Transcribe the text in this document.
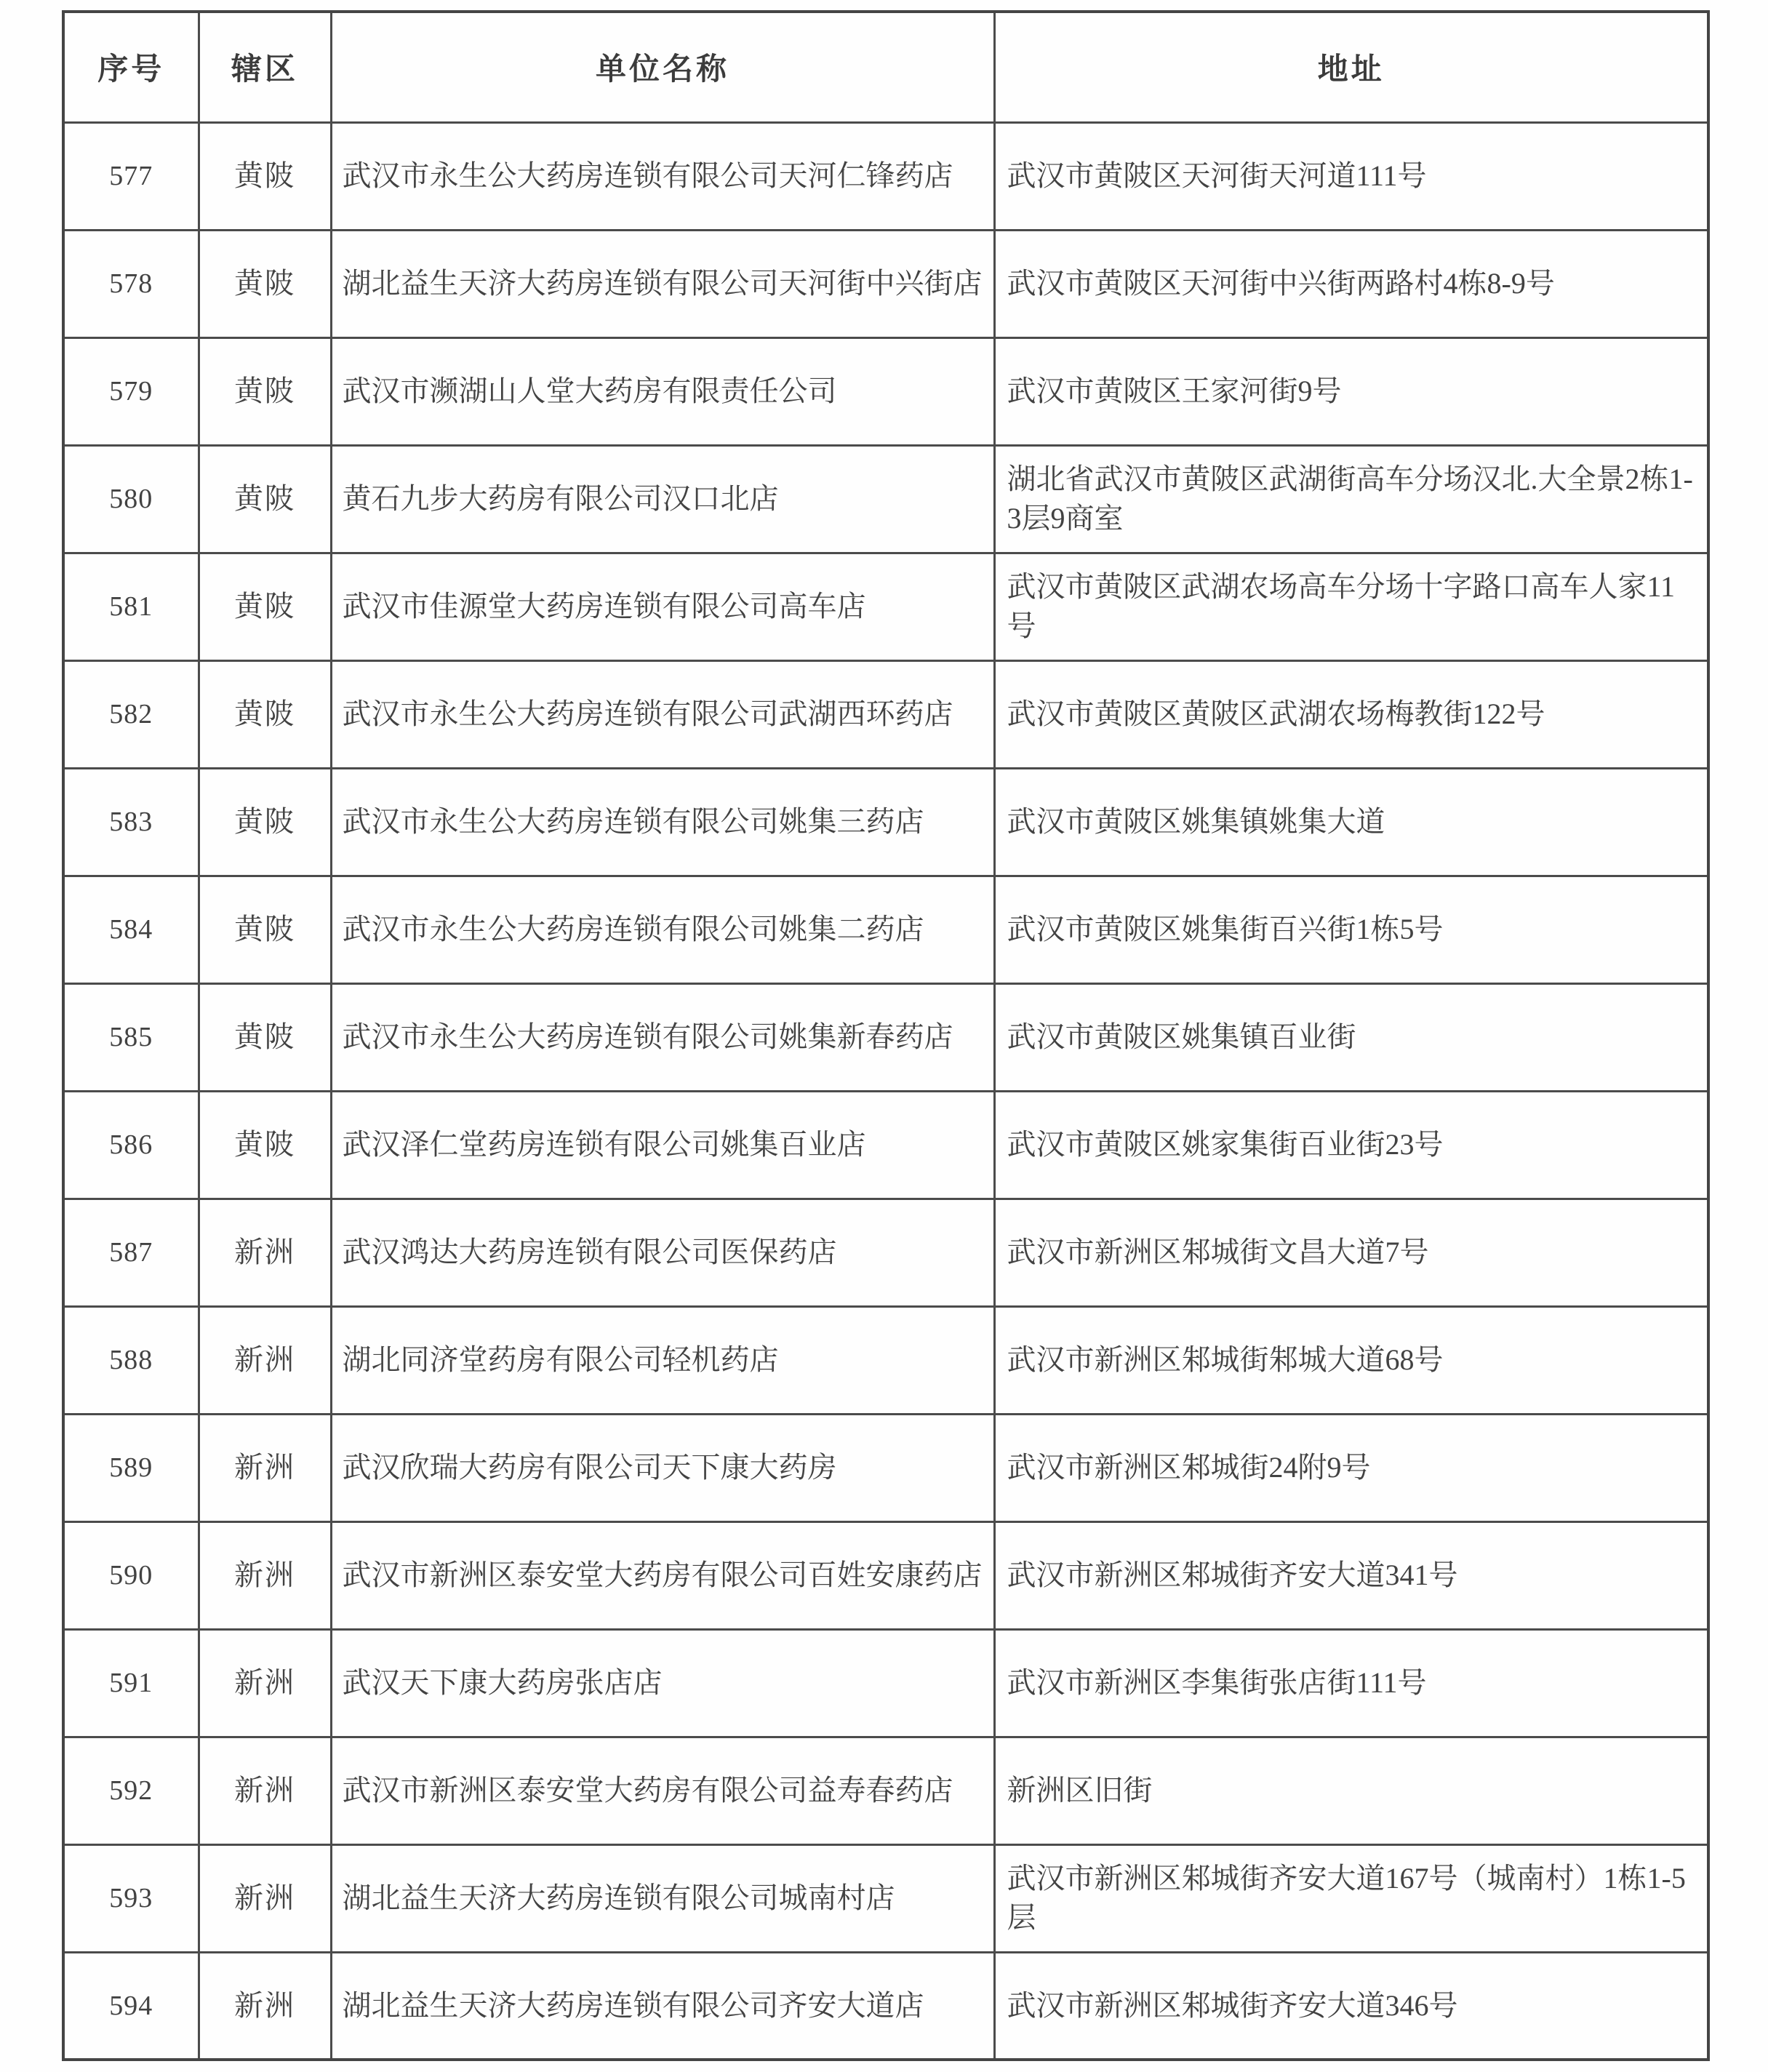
序号	辖区	单位名称	地址
577	黄陂	武汉市永生公大药房连锁有限公司天河仁锋药店	武汉市黄陂区天河街天河道111号
578	黄陂	湖北益生天济大药房连锁有限公司天河街中兴街店	武汉市黄陂区天河街中兴街两路村4栋8-9号
579	黄陂	武汉市濒湖山人堂大药房有限责任公司	武汉市黄陂区王家河街9号
580	黄陂	黄石九步大药房有限公司汉口北店	湖北省武汉市黄陂区武湖街高车分场汉北.大全景2栋1-3层9商室
581	黄陂	武汉市佳源堂大药房连锁有限公司高车店	武汉市黄陂区武湖农场高车分场十字路口高车人家11号
582	黄陂	武汉市永生公大药房连锁有限公司武湖西环药店	武汉市黄陂区黄陂区武湖农场梅教街122号
583	黄陂	武汉市永生公大药房连锁有限公司姚集三药店	武汉市黄陂区姚集镇姚集大道
584	黄陂	武汉市永生公大药房连锁有限公司姚集二药店	武汉市黄陂区姚集街百兴街1栋5号
585	黄陂	武汉市永生公大药房连锁有限公司姚集新春药店	武汉市黄陂区姚集镇百业街
586	黄陂	武汉泽仁堂药房连锁有限公司姚集百业店	武汉市黄陂区姚家集街百业街23号
587	新洲	武汉鸿达大药房连锁有限公司医保药店	武汉市新洲区邾城街文昌大道7号
588	新洲	湖北同济堂药房有限公司轻机药店	武汉市新洲区邾城街邾城大道68号
589	新洲	武汉欣瑞大药房有限公司天下康大药房	武汉市新洲区邾城街24附9号
590	新洲	武汉市新洲区泰安堂大药房有限公司百姓安康药店	武汉市新洲区邾城街齐安大道341号
591	新洲	武汉天下康大药房张店店	武汉市新洲区李集街张店街111号
592	新洲	武汉市新洲区泰安堂大药房有限公司益寿春药店	新洲区旧街
593	新洲	湖北益生天济大药房连锁有限公司城南村店	武汉市新洲区邾城街齐安大道167号（城南村）1栋1-5层
594	新洲	湖北益生天济大药房连锁有限公司齐安大道店	武汉市新洲区邾城街齐安大道346号
